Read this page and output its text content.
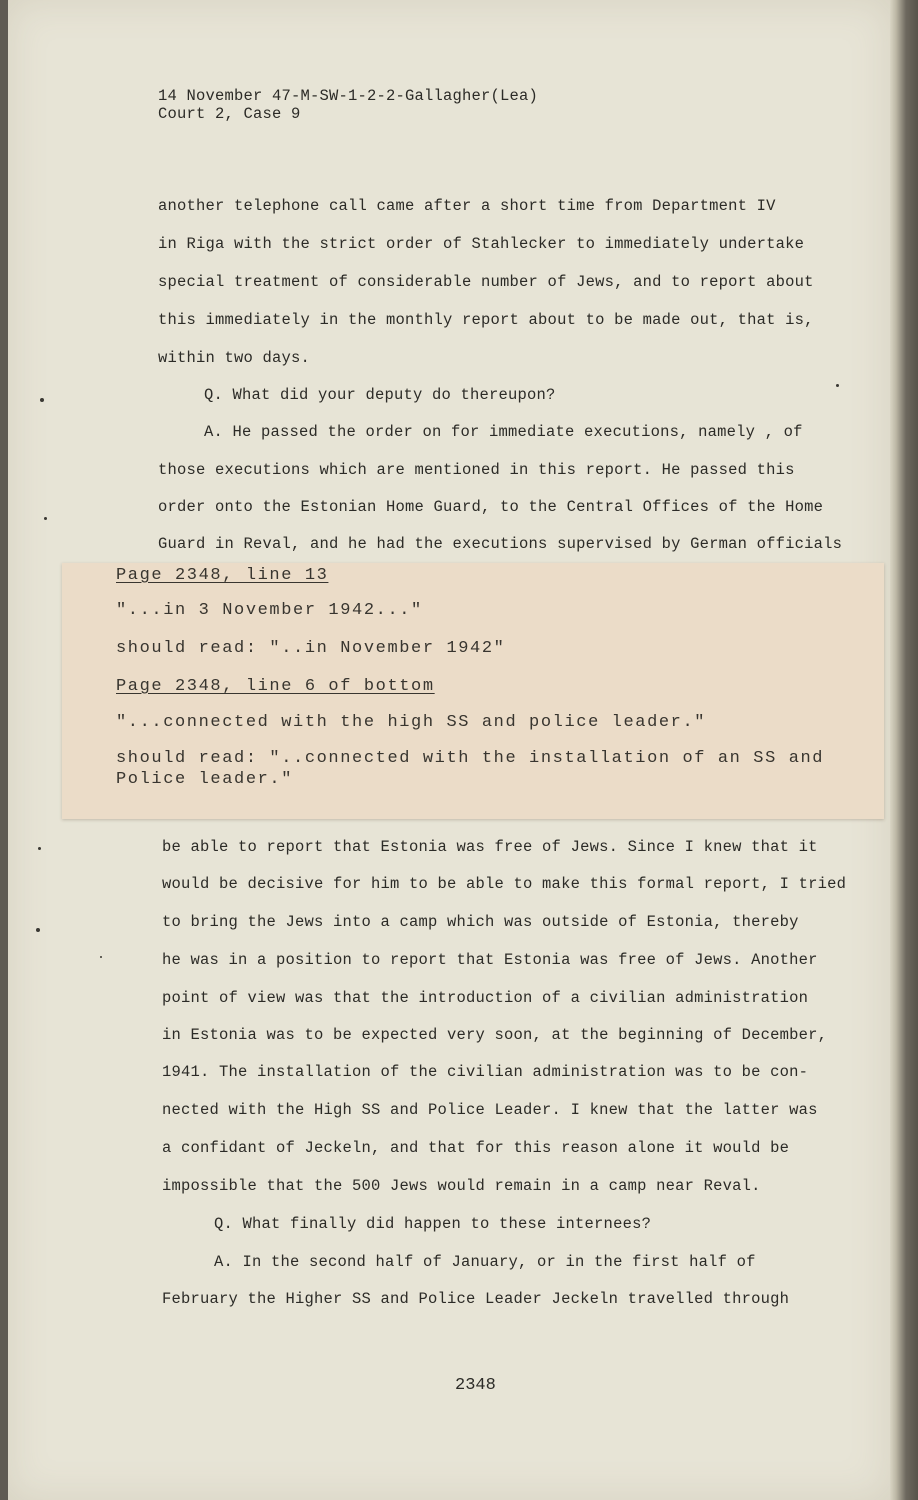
14 November 47-M-SW-1-2-2-Gallagher(Lea)
Court 2, Case 9
another telephone call came after a short time from Department IV
in Riga with the strict order of Stahlecker to immediately undertake
special treatment of considerable number of Jews, and to report about
this immediately in the monthly report about to be made out, that is,
within two days.
Q. What did your deputy do thereupon?
A. He passed the order on for immediate executions, namely , of
those executions which are mentioned in this report. He passed this
order onto the Estonian Home Guard, to the Central Offices of the Home
Guard in Reval, and he had the executions supervised by German officials
Page 2348, line 13
"...in 3 November 1942..."
should read: "..in November 1942"
Page 2348, line 6 of bottom
"...connected with the high SS and police leader."
should read: "..connected with the installation of an SS and
Police leader."
be able to report that Estonia was free of Jews. Since I knew that it
would be decisive for him to be able to make this formal report, I tried
to bring the Jews into a camp which was outside of Estonia, thereby
he was in a position to report that Estonia was free of Jews. Another
point of view was that the introduction of a civilian administration
in Estonia was to be expected very soon, at the beginning of December,
1941. The installation of the civilian administration was to be con-
nected with the High SS and Police Leader. I knew that the latter was
a confidant of Jeckeln, and that for this reason alone it would be
impossible that the 500 Jews would remain in a camp near Reval.
Q. What finally did happen to these internees?
A. In the second half of January, or in the first half of
February the Higher SS and Police Leader Jeckeln travelled through
2348
